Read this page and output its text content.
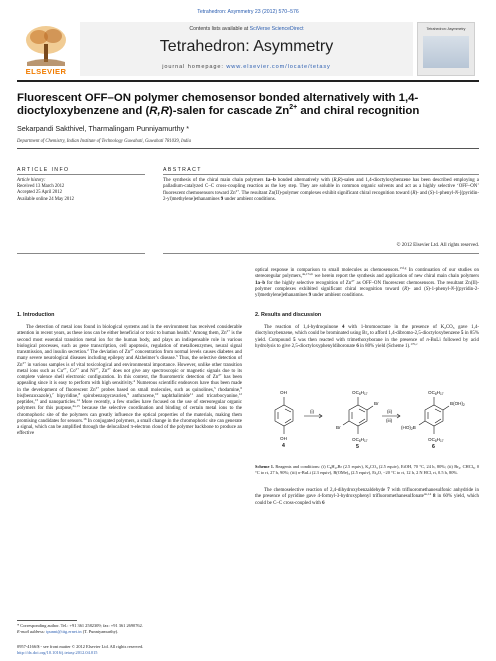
Tetrahedron: Asymmetry 23 (2012) 570–576
ELSEVIER
Contents lists available at SciVerse ScienceDirect
Tetrahedron: Asymmetry
journal homepage: www.elsevier.com/locate/tetasy
Tetrahedron: Asymmetry
Fluorescent OFF–ON polymer chemosensor bonded alternatively with 1,4-dioctyloxybenzene and (R,R)-salen for cascade $Zn^{2+}$ and chiral recognition
Sekarpandi Sakthivel, Tharmalingam Punniyamurthy *
Department of Chemistry, Indian Institute of Technology Guwahati, Guwahati 781039, India
ARTICLE INFO
Article history:
Received 13 March 2012
Accepted 25 April 2012
Available online 24 May 2012
ABSTRACT
The synthesis of the chiral main chain polymers 1a–b bonded alternatively with (R,R)-salen and 1,4-dioctyloxybenzene has been described employing a palladium-catalyzed C–C cross-coupling reaction as the key step. They are soluble in common organic solvents and act as a highly selective ‘OFF–ON’ fluorescent chemosensors toward $Zn^{2+}$. The resultant Zn(II)-polymer complexes exhibit significant chiral recognition toward (R)- and (S)-1-phenyl-N-[(pyridin-2-yl)methylene]ethanamines 9 under ambient conditions.
© 2012 Elsevier Ltd. All rights reserved.
1. Introduction

The detection of metal ions found in biological systems and in the environment has received considerable attention in recent years, as these ions can be either beneficial or toxic to human health.$^1$ Among them, $Zn^{2+}$ is the second most essential transition metal ion for the human body, and plays an indispensable role in various biological processes, such as gene transcription, cell apoptosis, regulation of metalloenzymes, neural signal transmission, and insulin secretion.$^2$ The deviation of $Zn^{2+}$ concentration from normal levels causes diabetes and many severe neurological diseases including epilepsy and Alzheimer’s disease.$^3$ Thus, the selective detection of $Zn^{2+}$ in various samples is of vital toxicological and environmental importance. However, unlike other transition metal ions such as $Cu^{2+}$, $Co^{2+}$ and $Ni^{2+}$, $Zn^{2+}$ does not give any spectroscopic or magnetic signals due to its complete valence shell electronic configuration. In this context, the fluorometric detection of $Zn^{2+}$ has been appealing since it is easy to perform with high sensitivity.$^4$ Numerous scientific endeavors have thus been made in the development of fluorescent $Zn^{2+}$ probes based on small molecules, such as quinolines,$^5$ rhodamine,$^6$ bis(benzoxazole),$^7$ bipyridine,$^8$ spirobenzopyravarien,$^9$ anthracene,$^{10}$ naphthalimide$^{11}$ and tricarbocyanine,$^{12}$ peptides,$^{13}$ and nanoparticles.$^{14}$ More recently, a few studies have focused on the use of stereoregular organic polymers for this purpose,$^{4a,15}$ because the selective coordination and binding of certain metal ions to the chromophoric site of the polymers can greatly influence the optical properties of the materials, making them promising candidates for sensors.$^{16}$ In conjugated polymers, a small change in the chromophoric site can generate a signal, which can be amplified through the delocalized π-electron cloud of the polymer backbone to produce an effective

* Corresponding author. Tel.: +91 361 2582309; fax: +91 361 2690762.
E-mail address: tpunni@iitg.ernet.in (T. Punniyamurthy).
0957-4166/$ - see front matter © 2012 Elsevier Ltd. All rights reserved.
http://dx.doi.org/10.1016/j.tetasy.2012.04.015

optical response in comparison to small molecules as chemosensors.$^{15f,g}$ In continuation of our studies on stereoregular polymers,$^{4a,17a,b}$ we herein report the synthesis and application of new chiral main chain polymers 1a–b for the highly selective recognition of $Zn^{2+}$ as OFF–ON fluorescent chemosensors. The resultant Zn(II)-polymer complexes exhibited significant chiral recognition toward (R)- and (S)-1-phenyl-N-[(pyridin-2-yl)methylene]ethanamines 9 under ambient conditions.

2. Results and discussion

The reaction of 1,4-hydroquinone 4 with 1-bromooctane in the presence of $K_2CO_3$ gave 1,4-dioctyloxybenzene, which could be brominated using $Br_2$ to afford 1,4-dibromo-2,5-dioctyloxybenzene 5 in 85% yield. Compound 5 was then reacted with trimethoxyborane in the presence of n-BuLi followed by acid hydrolysis to give 2,5-dioctyloxyphenyldiboronate 6 in 80% yield (Scheme 1).$^{17b,c}$

OH
OH
4
(i)	(ii)
(iii)
$OC_8H_{17}$
Br
Br
$OC_8H_{17}$
5
$OC_8H_{17}$
$B(OH)_2$
$(HO)_2B$
$OC_8H_{17}$
6
Scheme 1. Reagents and conditions: (i) $C_8H_{17}Br$ (2.5 equiv), $K_2CO_3$ (2.5 equiv), EtOH, 70 °C, 24 h, 80%; (ii) $Br_2$, CHCl$_3$, 0 °C to rt, 27 h, 90%; (iii) n-BuLi (2.3 equiv), $B(OMe)_3$ (2.5 equiv), $Et_2O$, −20 °C to rt, 12 h, 2 N HCl, rt, 0.5 h, 80%.

The chemoselective reaction of 2,4-dihydroxybenzaldehyde 7 with trifluoromethanesulfonic anhydride in the presence of pyridine gave 4-formyl-3-hydroxyphenyl trifluoromethanesulfonate$^{4a,14}$ 8 in 60% yield, which could be C–C cross-coupled with 6
